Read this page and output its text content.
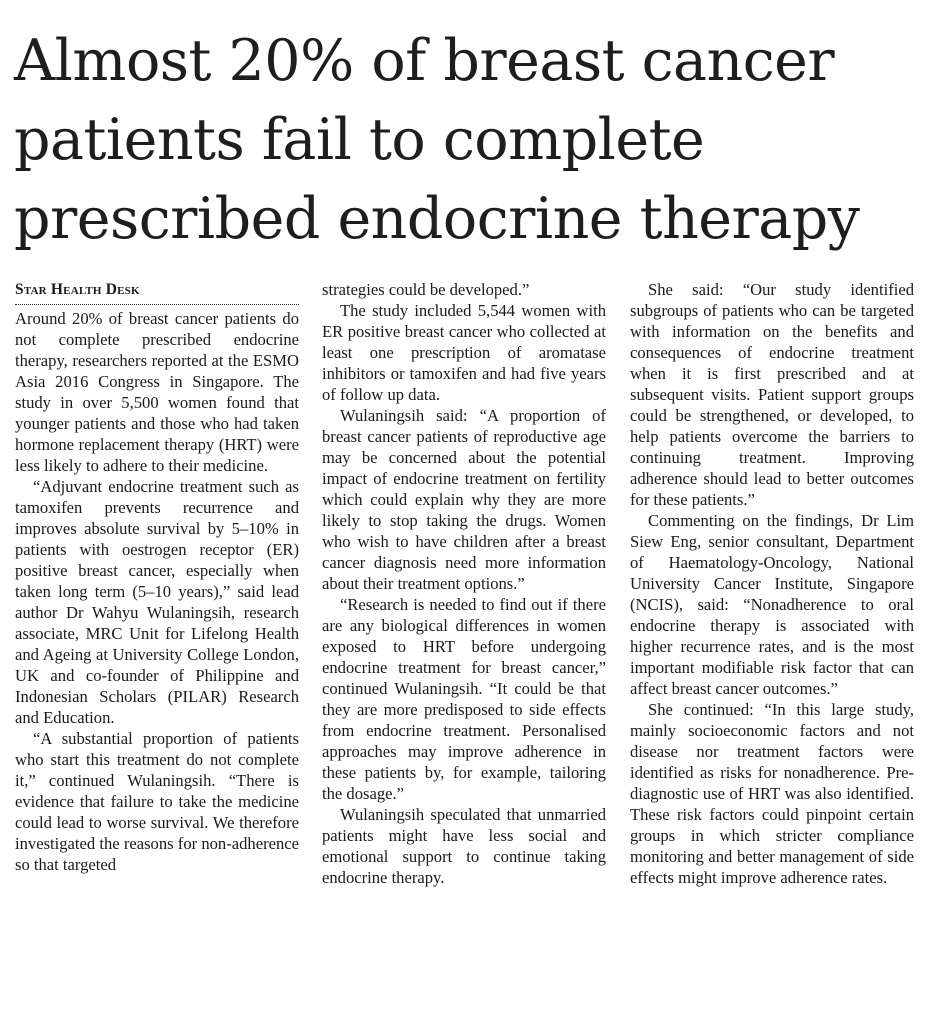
Almost 20% of breast cancer
patients fail to complete
prescribed endocrine therapy
Star Health Desk

Around 20% of breast cancer patients do not complete prescribed endocrine therapy, researchers reported at the ESMO Asia 2016 Congress in Singapore. The study in over 5,500 women found that younger patients and those who had taken hormone replacement therapy (HRT) were less likely to adhere to their medicine.

“Adjuvant endocrine treatment such as tamoxifen prevents recurrence and improves absolute survival by 5–10% in patients with oestrogen receptor (ER) positive breast cancer, especially when taken long term (5–10 years),” said lead author Dr Wahyu Wulaningsih, research associate, MRC Unit for Lifelong Health and Ageing at University College London, UK and co-founder of Philippine and Indonesian Scholars (PILAR) Research and Education.

“A substantial proportion of patients who start this treatment do not complete it,” continued Wulaningsih. “There is evidence that failure to take the medicine could lead to worse survival. We therefore investigated the reasons for non-adherence so that targeted

strategies could be developed.”

The study included 5,544 women with ER positive breast cancer who collected at least one prescription of aromatase inhibitors or tamoxifen and had five years of follow up data.

Wulaningsih said: “A proportion of breast cancer patients of reproductive age may be concerned about the potential impact of endocrine treatment on fertility which could explain why they are more likely to stop taking the drugs. Women who wish to have children after a breast cancer diagnosis need more information about their treatment options.”

“Research is needed to find out if there are any biological differences in women exposed to HRT before undergoing endocrine treatment for breast cancer,” continued Wulaningsih. “It could be that they are more predisposed to side effects from endocrine treatment. Personalised approaches may improve adherence in these patients by, for example, tailoring the dosage.”

Wulaningsih speculated that unmarried patients might have less social and emotional support to continue taking endocrine therapy.

She said: “Our study identified subgroups of patients who can be targeted with information on the benefits and consequences of endocrine treatment when it is first prescribed and at subsequent visits. Patient support groups could be strengthened, or developed, to help patients overcome the barriers to continuing treatment. Improving adherence should lead to better outcomes for these patients.”

Commenting on the findings, Dr Lim Siew Eng, senior consultant, Department of Haematology-Oncology, National University Cancer Institute, Singapore (NCIS), said: “Nonadherence to oral endocrine therapy is associated with higher recurrence rates, and is the most important modifiable risk factor that can affect breast cancer outcomes.”

She continued: “In this large study, mainly socioeconomic factors and not disease nor treatment factors were identified as risks for nonadherence. Pre-diagnostic use of HRT was also identified. These risk factors could pinpoint certain groups in which stricter compliance monitoring and better management of side effects might improve adherence rates.
